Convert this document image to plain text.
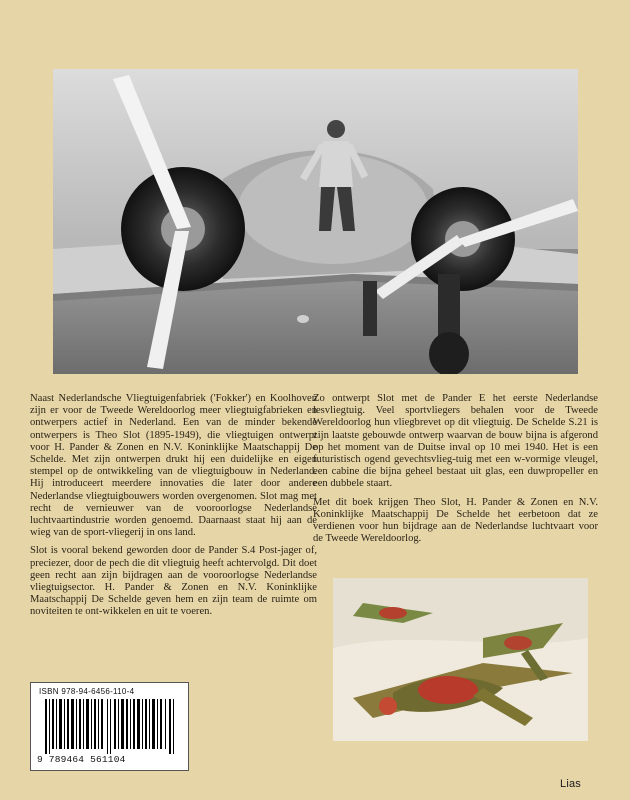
Naast Nederlandsche Vliegtuigenfabriek ('Fokker') en Koolhoven zijn er voor de Tweede Wereldoorlog meer vliegtuigfabrieken en ontwerpers actief in Nederland. Een van de minder bekende ontwerpers is Theo Slot (1895-1949), die vliegtuigen ontwerpt voor H. Pander & Zonen en N.V. Koninklijke Maatschappij De Schelde. Met zijn ontwerpen drukt hij een duidelijke en eigen stempel op de ontwikkeling van de vliegtuigbouw in Nederland. Hij introduceert meerdere innovaties die later door andere Nederlandse vliegtuigbouwers worden overgenomen. Slot mag met recht de vernieuwer van de vooroorlogse Nederlandse luchtvaartindustrie worden genoemd. Daarnaast staat hij aan de wieg van de sport-vliegerij in ons land.

Slot is vooral bekend geworden door de Pander S.4 Post-jager of, preciezer, door de pech die dit vliegtuig heeft achtervolgd. Dit doet geen recht aan zijn bijdragen aan de vooroorlogse Nederlandse vliegtuigsector. H. Pander & Zonen en N.V. Koninklijke Maatschappij De Schelde geven hem en zijn team de ruimte om noviteiten te ont-wikkelen en uit te voeren.

Zo ontwerpt Slot met de Pander E het eerste Nederlandse lesvliegtuig. Veel sportvliegers behalen voor de Tweede Wereldoorlog hun vliegbrevet op dit vliegtuig. De Schelde S.21 is zijn laatste gebouwde ontwerp waarvan de bouw bijna is afgerond op het moment van de Duitse inval op 10 mei 1940. Het is een futuristisch ogend gevechtsvlieg-tuig met een w-vormige vleugel, een cabine die bijna geheel bestaat uit glas, een duwpropeller en een dubbele staart.

Met dit boek krijgen Theo Slot, H. Pander & Zonen en N.V. Koninklijke Maatschappij De Schelde het eerbetoon dat ze verdienen voor hun bijdrage aan de Nederlandse luchtvaart voor de Tweede Wereldoorlog.

ISBN 978-94-6456-110-4
9 789464 561104
Lias
